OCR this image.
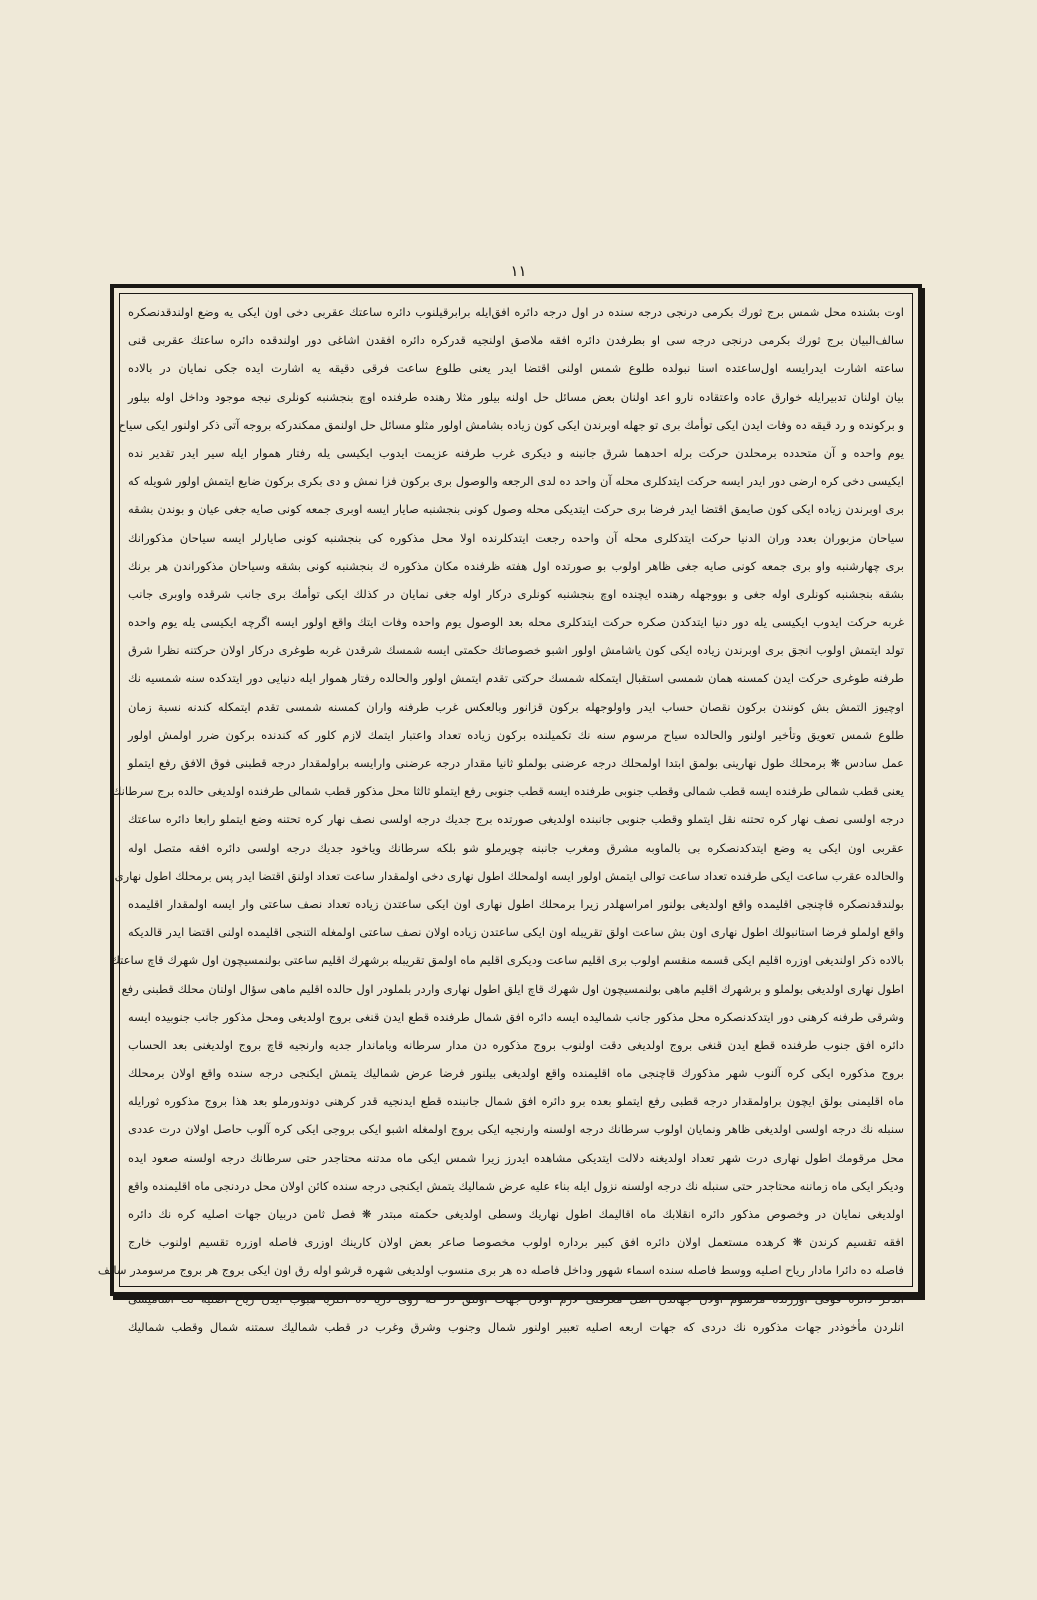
١١
اوت بشنده محل شمس برج ثورك بكرمى درنجى درجه سنده در اول درجه دائره افق‌ايله برابرقيلنوب دائره ساعتك عقربى دخى اون ايكى يه وضع اولندقدنصكره
سالف‌البيان برج ثورك بكرمى درنجى درجه سى او بطرفدن دائره افقه ملاصق اولنجيه قدركره دائره افقدن اشاغى دور اولندقده دائره ساعتك عقربى قنى
ساعته اشارت ايدرايسه اول‌ساعتده اسنا نبولده طلوع شمس اولنى اقتضا ايدر يعنى طلوع ساعت فرقى دقيقه يه اشارت ايده جكى نمايان در بالاده
بيان اولنان تدبيرايله خوارق عاده واعتقاده نارو اعد اولنان بعض مسائل حل اولنه بيلور مثلا رهنده طرفنده اوچ بنجشنبه كونلرى نيجه موجود وداخل اوله بيلور
و بركونده و رد قيقه ده وفات ايدن ايكى توأمك برى تو جهله اوبرندن ايكى كون زياده بشامش اولور مثلو مسائل حل اولنمق ممكندركه بروجه آتى ذكر اولنور ايكى سياح
يوم واحده و آن متحدده برمحلدن حركت برله احدهما شرق جانبنه و ديكرى غرب طرفنه عزيمت ايدوب ايكيسى يله رفتار هموار ايله سير ايدر تقدير نده
ايكيسى دخى كره ارضى دور ايدر ايسه حركت ايتدكلرى محله آن واحد ده لدى الرجعه والوصول برى بركون فزا نمش و دى بكرى بركون ضايع ايتمش اولور شويله كه
برى اوبرندن زياده ايكى كون صايمق اقتضا ايدر فرضا برى حركت ايتديكى محله وصول كونى بنجشنبه صايار ايسه اوبرى جمعه كونى صايه جغى عيان و بوندن بشقه
سياحان مزبوران بعدد وران الدنيا حركت ايتدكلرى محله آن واحده رجعت ايتدكلرنده اولا محل مذكوره كى بنجشنبه كونى صايارلر ايسه سياحان مذكورانك
برى چهارشنبه واو برى جمعه كونى صايه جغى ظاهر اولوب بو صورتده اول هفته ظرفنده مكان مذكوره ك بنجشنبه كونى بشقه وسياحان مذكوراندن هر برنك
بشقه بنجشنبه كونلرى اوله جغى و بووجهله رهنده ايچنده اوچ بنجشنبه كونلرى دركار اوله جغى نمايان در كذلك ايكى توأمك برى جانب شرقده واوبرى جانب
غربه حركت ايدوب ايكيسى يله دور دنيا ايتدكدن صكره حركت ايتدكلرى محله بعد الوصول يوم واحده وفات ايتك واقع اولور ايسه اگرچه ايكيسى يله يوم واحده
تولد ايتمش اولوب انجق برى اوبرندن زياده ايكى كون ياشامش اولور اشبو خصوصاتك حكمتى ايسه شمسك شرقدن غربه طوغرى دركار اولان حركتنه نظرا شرق
طرفنه طوغرى حركت ايدن كمسنه همان شمسى استقبال ايتمكله شمسك حركتى تقدم ايتمش اولور والحالده رفتار هموار ايله دنيايى دور ايتدكده سنه شمسيه نك
اوچيوز التمش بش كونندن بركون نقصان حساب ايدر واولوجهله بركون قزانور وبالعكس غرب طرفنه واران كمسنه شمسى تقدم ايتمكله كندنه نسبة زمان
طلوع شمس تعويق وتأخير اولنور والحالده سياح مرسوم سنه نك تكميلنده بركون زياده تعداد واعتبار ايتمك لازم كلور كه كندنده بركون ضرر اولمش اولور
عمل سادس ❋ برمحلك طول نهارينى بولمق ابتدا اولمحلك درجه عرضنى بولملو ثانيا مقدار درجه عرضنى وارايسه براولمقدار درجه قطبنى فوق الافق رفع ايتملو
يعنى قطب شمالى طرفنده ايسه قطب شمالى وقطب جنوبى طرفنده ايسه قطب جنوبى رفع ايتملو ثالثا محل مذكور قطب شمالى طرفنده اولديغى حالده برج سرطانك
درجه اولسى نصف نهار كره تحتنه نقل ايتملو وقطب جنوبى جانبنده اولديغى صورتده برج جديك درجه اولسى نصف نهار كره تحتنه وضع ايتملو رابعا دائره ساعتك
عقربى اون ايكى يه وضع ايتدكدنصكره بى بالماوبه مشرق ومغرب جانبنه چويرملو شو بلكه سرطانك وياخود جديك درجه اولسى دائره افقه متصل اوله
والحالده عقرب ساعت ايكى طرفنده تعداد ساعت توالى ايتمش اولور ايسه اولمحلك اطول نهارى دخى اولمقدار ساعت تعداد اولنق اقتضا ايدر پس برمحلك اطول نهارى
بولندقدنصكره قاچنجى اقليمده واقع اولديغى بولنور امراسهلدر زيرا برمحلك اطول نهارى اون ايكى ساعتدن زياده تعداد نصف ساعتى وار ايسه اولمقدار اقليمده
واقع اولملو فرضا استانبولك اطول نهارى اون بش ساعت اولق تقريبله اون ايكى ساعتدن زياده اولان نصف ساعتى اولمغله التنجى اقليمده اولنى اقتضا ايدر قالديكه
بالاده ذكر اولنديغى اوزره اقليم ايكى قسمه منقسم اولوب برى اقليم ساعت وديكرى اقليم ماه اولمق تقريبله برشهرك اقليم ساعتى بولنمسيچون اول شهرك قاچ ساعتك
اطول نهارى اولديغى بولملو و برشهرك اقليم ماهى بولنمسيچون اول شهرك قاچ ايلق اطول نهارى واردر بلملودر اول حالده اقليم ماهى سؤال اولنان محلك قطبنى رفع
وشرقى طرفنه كرهنى دور ايتدكدنصكره محل مذكور جانب شماليده ايسه دائره افق شمال طرفنده قطع ايدن قنغى بروج اولديغى ومحل مذكور جانب جنوبيده ايسه
دائره افق جنوب طرفنده قطع ايدن قنغى بروج اولديغى دقت اولنوب بروج مذكوره دن مدار سرطانه وياماندار جديه وارنجيه قاچ بروج اولديغنى بعد الحساب
بروج مذكوره ايكى كره آلنوب شهر مذكورك قاچنجى ماه اقليمنده واقع اولديغى بيلنور فرضا عرض شماليك يتمش ايكنجى درجه سنده واقع اولان برمحلك
ماه اقليمنى بولق ايچون براولمقدار درجه قطبى رفع ايتملو بعده برو دائره افق شمال جانبنده قطع ايدنجيه قدر كرهنى دوندورملو بعد هذا بروج مذكوره ثورايله
سنبله نك درجه اولسى اولديغى ظاهر ونمايان اولوب سرطانك درجه اولسنه وارنجيه ايكى بروج اولمغله اشبو ايكى بروجى ايكى كره آلوب حاصل اولان درت عددى
محل مرقومك اطول نهارى درت شهر تعداد اولديغنه دلالت ايتديكى مشاهده ايدرز زيرا شمس ايكى ماه مدتنه محتاجدر حتى سرطانك درجه اولسنه صعود ايده
وديكر ايكى ماه زماننه محتاجدر حتى سنبله نك درجه اولسنه نزول ايله بناء عليه عرض شماليك يتمش ايكنجى درجه سنده كائن اولان محل دردنجى ماه اقليمنده واقع
اولديغى نمايان در وخصوص مذكور دائره انقلابك ماه اقاليمك اطول نهاريك وسطى اولديغى حكمته مبتدر ❋ فصل ثامن دربيان جهات اصليه كره نك دائره
افقه تقسيم كرندن ❋ كرهده مستعمل اولان دائره افق كبير برداره اولوب مخصوصا صاعر بعض اولان كارينك اوزرى فاصله اوزره تقسيم اولنوب خارج
فاصله ده دائرا مادار رياح اصليه ووسط فاصله سنده اسماء شهور وداخل فاصله ده هر برى منسوب اولديغى شهره قرشو اوله رق اون ايكى بروج هر بروج مرسومدر سالف
الذكر دائره فوقى اوزرنده مرسوم اولان جهاتدن اصل معرفتى لازم اولان جهات اوتلق در كه روى دريا ده اكثريا هبوب ايدن رياح اصليه نك اساميسى
انلردن مأخوذدر جهات مذكوره نك دردى كه جهات اربعه اصليه تعبير اولنور شمال وجنوب وشرق وغرب در قطب شماليك سمتنه شمال وقطب شماليك
